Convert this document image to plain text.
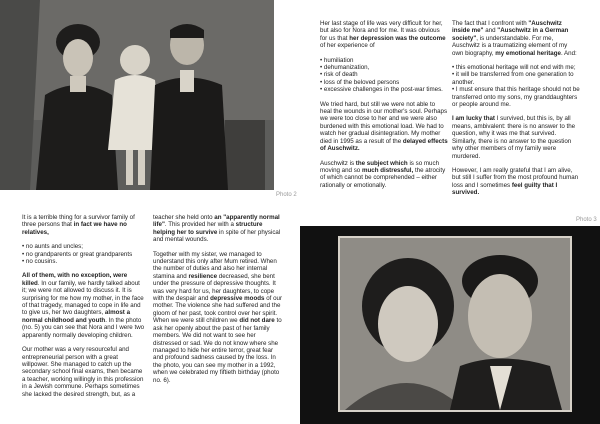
Photo 2

Her last stage of life was very difficult for her, but also for Nora and for me. It was obvious for us that her depression was the outcome of her experience of

• humiliation
• dehumanization,
• risk of death
• loss of the beloved persons
• excessive challenges in the post-war times.

We tried hard, but still we were not able to heal the wounds in our mother's soul. Perhaps we were too close to her and we were also burdened with this emotional load. We had to watch her gradual disintegration. My mother died in 1995 as a result of the delayed effects of Auschwitz.

Auschwitz is the subject which is so much moving and so much distressful, the atrocity of which cannot be comprehended – either rationally or emotionally.

The fact that I confront with "Auschwitz inside me" and "Auschwitz in a German society", is understandable. For me, Auschwitz is a traumatizing element of my own biography, my emotional heritage. And:

• this emotional heritage will not end with me;
• it will be transferred from one generation to another.
• I must ensure that this heritage should not be transferred onto my sons, my granddaughters or people around me.

I am lucky that I survived, but this is, by all means, ambivalent: there is no answer to the question, why it was me that survived. Similarly, there is no answer to the question why other members of my family were murdered.

However, I am really grateful that I am alive, but still I suffer from the most profound human loss and I sometimes feel guilty that I survived.

It is a terrible thing for a survivor family of three persons that in fact we have no relatives,

• no aunts and uncles;
• no grandparents or great grandparents
• no cousins.

All of them, with no exception, were killed. In our family, we hardly talked about it; we were not allowed to discuss it. It is surprising for me how my mother, in the face of that tragedy, managed to cope in life and to give us, her two daughters, almost a normal childhood and youth. In the photo (no. 5) you can see that Nora and I were two apparently normally developing children.

Our mother was a very resourceful and entrepreneurial person with a great willpower. She managed to catch up the secondary school final exams, then became a teacher, working willingly in this profession in a Jewish commune. Perhaps sometimes she lacked the desired strength, but, as a

teacher she held onto an "apparently normal life". This provided her with a structure helping her to survive in spite of her physical and mental wounds.

Together with my sister, we managed to understand this only after Mum retired. When the number of duties and also her internal stamina and resilience decreased, she bent under the pressure of depressive thoughts. It was very hard for us, her daughters, to cope with the despair and depressive moods of our mother. The violence she had suffered and the gloom of her past, took control over her spirit. When we were still children we did not dare to ask her openly about the past of her family members. We did not want to see her distressed or sad. We do not know where she managed to hide her entire terror, great fear and profound sadness caused by the loss. In the photo, you can see my mother in a 1992, when we celebrated my fiftieth birthday (photo no. 6).

Photo 3
